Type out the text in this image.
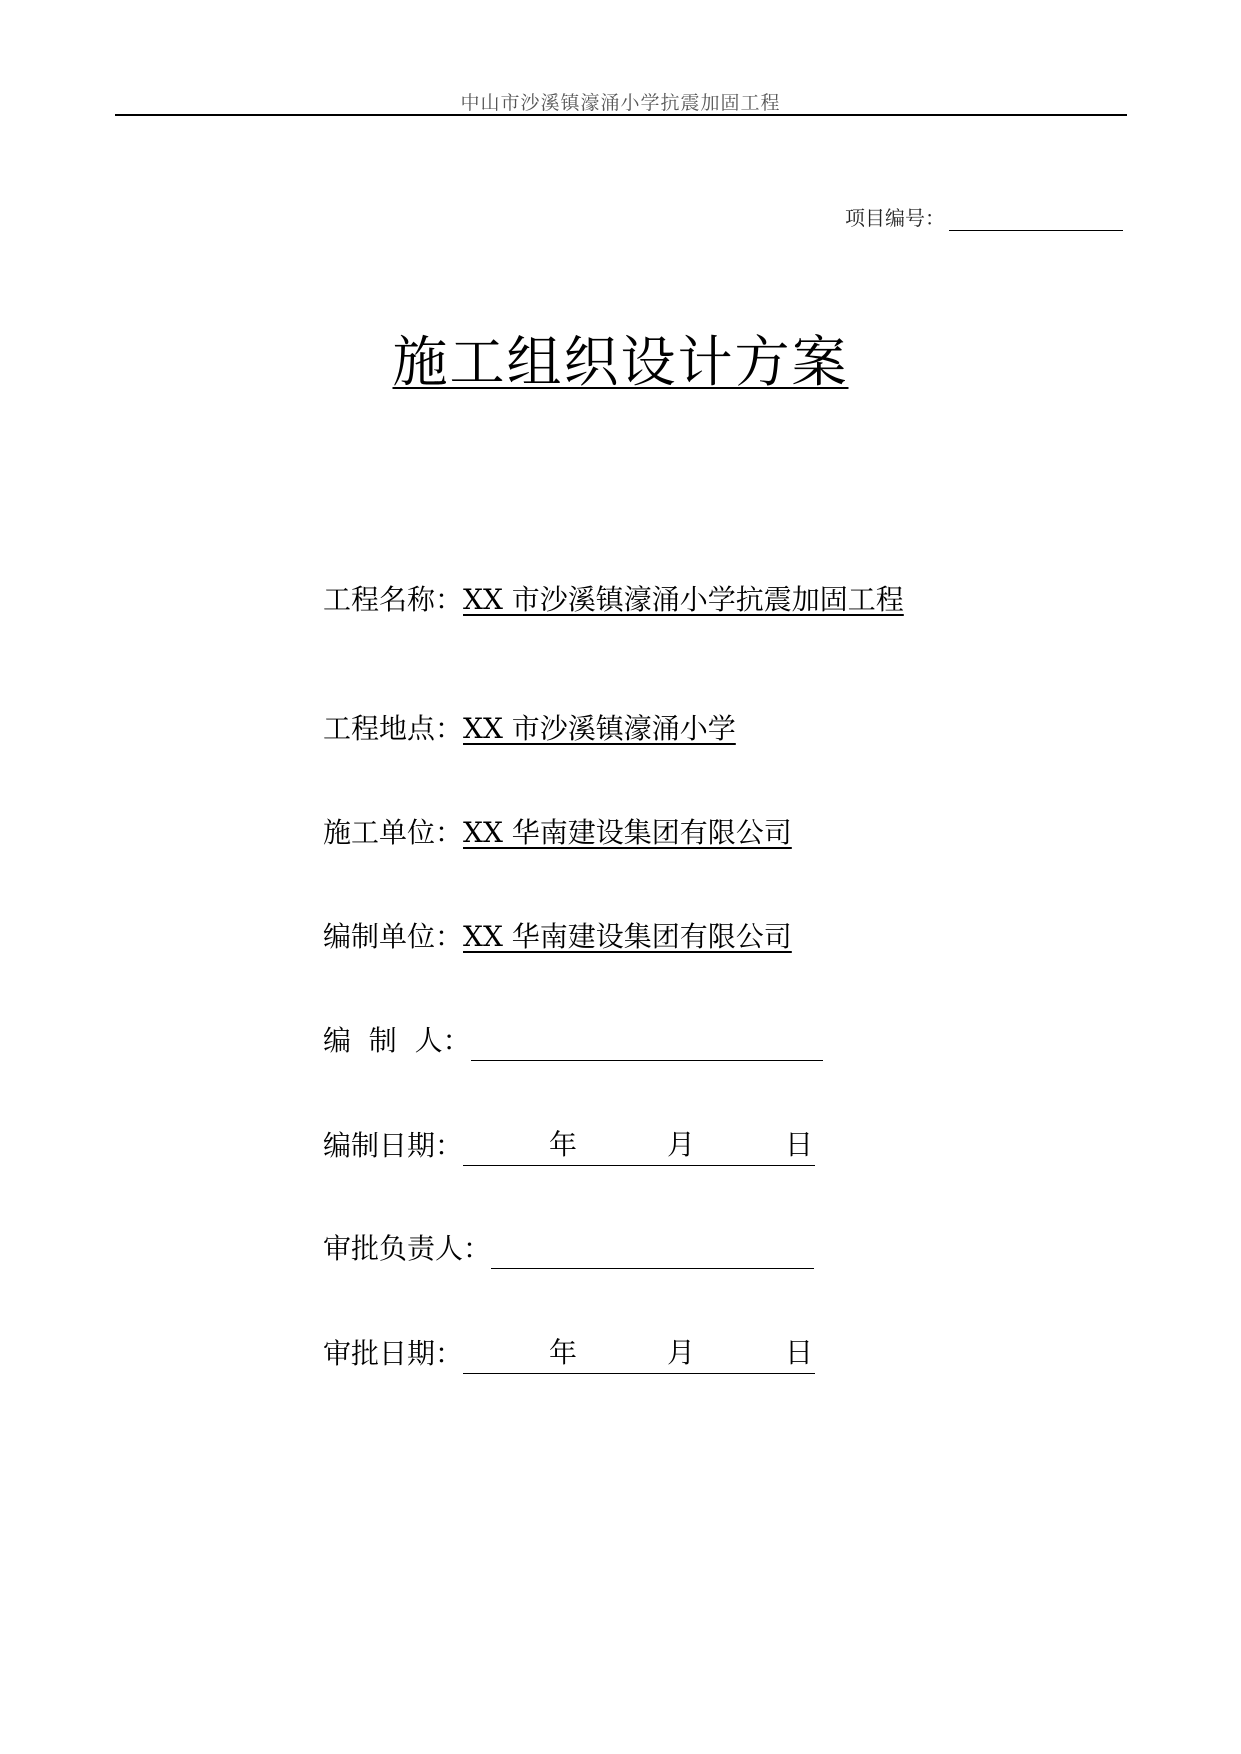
中山市沙溪镇濠涌小学抗震加固工程
项目编号：
施工组织设计方案
工程名称：XX 市沙溪镇濠涌小学抗震加固工程
工程地点：XX 市沙溪镇濠涌小学
施工单位：XX 华南建设集团有限公司
编制单位：XX 华南建设集团有限公司
编  制  人：
编制日期：	年	月	日
审批负责人：
审批日期：	年	月	日
